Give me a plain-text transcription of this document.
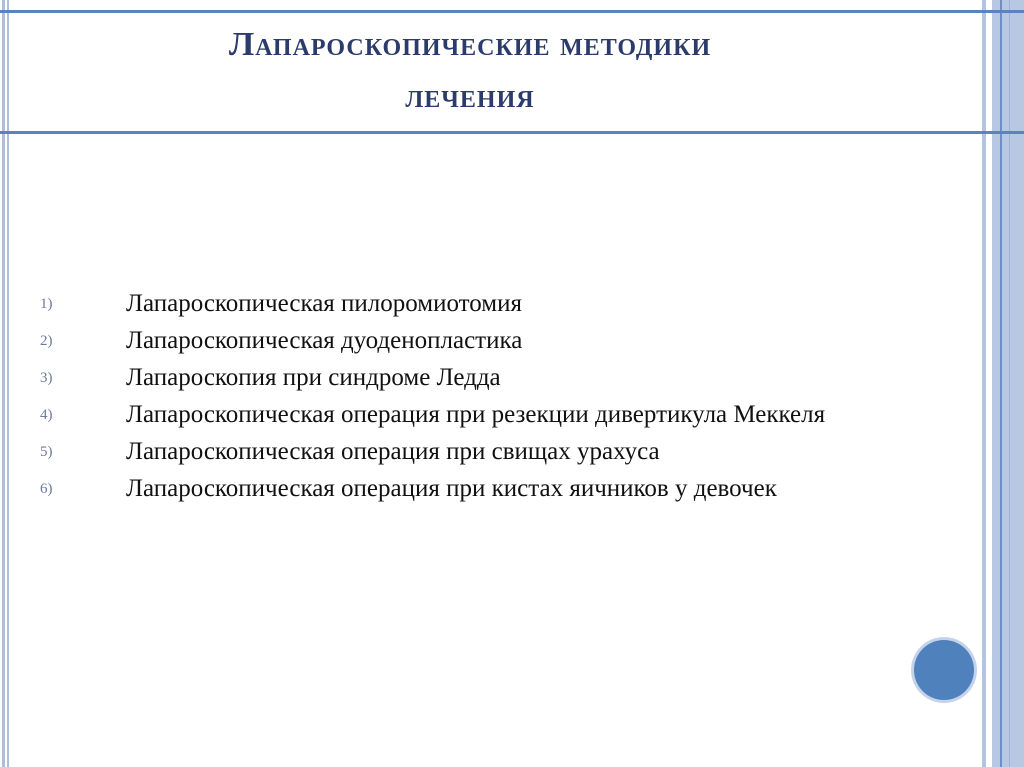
Лапароскопические методики
лечения
1)	Лапароскопическая пилоромиотомия
2)	Лапароскопическая дуоденопластика
3)	Лапароскопия при синдроме Ледда
4)	Лапароскопическая операция при резекции дивертикула Меккеля
5)	Лапароскопическая операция при свищах урахуса
6)	Лапароскопическая операция при кистах яичников у девочек
